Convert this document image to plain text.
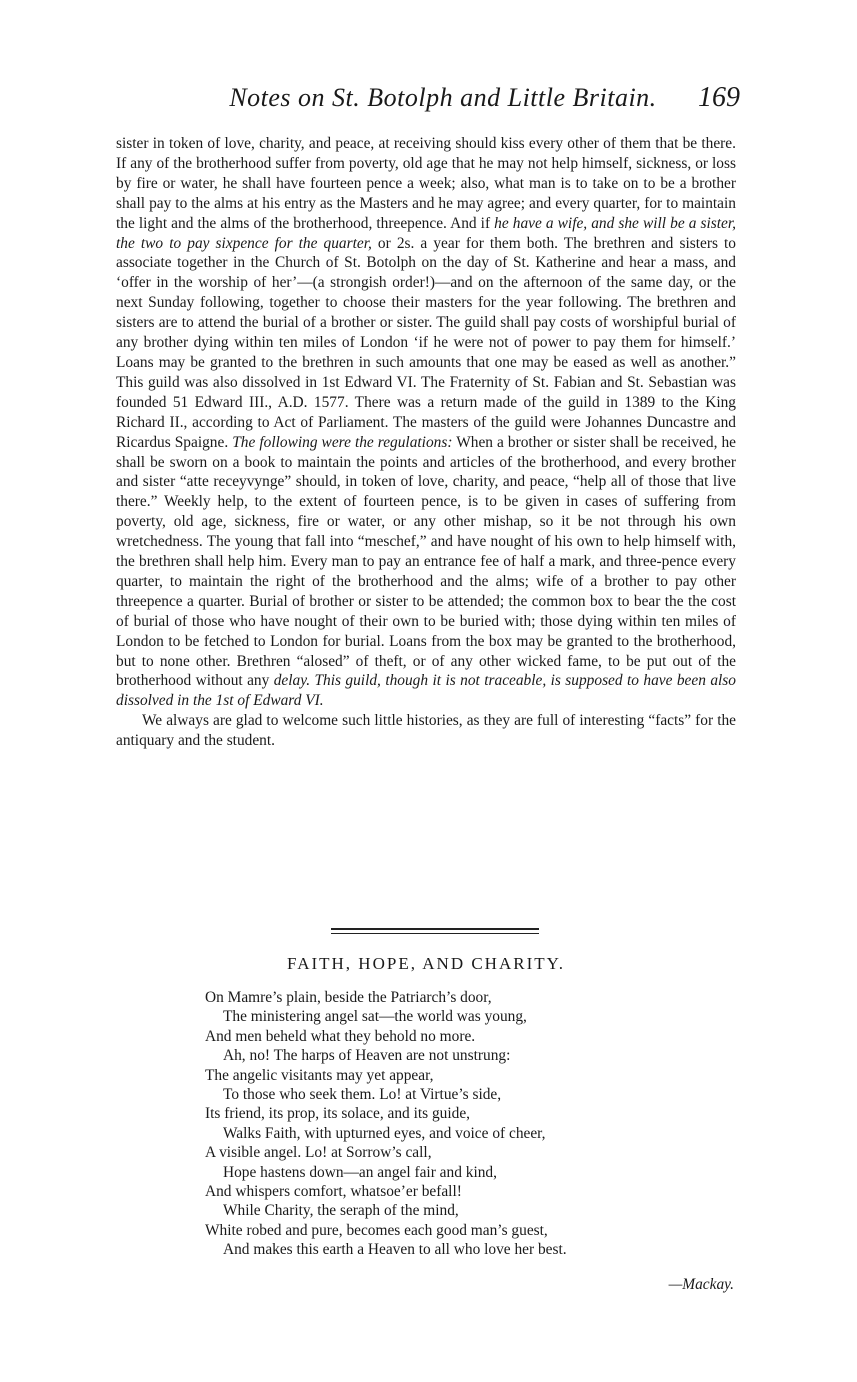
Notes on St. Botolph and Little Britain.	169

sister in token of love, charity, and peace, at receiving should kiss every other of them that be there. If any of the brotherhood suffer from poverty, old age that he may not help himself, sickness, or loss by fire or water, he shall have fourteen pence a week; also, what man is to take on to be a brother shall pay to the alms at his entry as the Masters and he may agree; and every quarter, for to maintain the light and the alms of the brotherhood, threepence. And if he have a wife, and she will be a sister, the two to pay sixpence for the quarter, or 2s. a year for them both. The brethren and sisters to associate together in the Church of St. Botolph on the day of St. Katherine and hear a mass, and ‘offer in the worship of her’—(a strongish order!)—and on the afternoon of the same day, or the next Sunday following, together to choose their masters for the year following. The brethren and sisters are to attend the burial of a brother or sister. The guild shall pay costs of worshipful burial of any brother dying within ten miles of London ‘if he were not of power to pay them for himself.’ Loans may be granted to the brethren in such amounts that one may be eased as well as another.” This guild was also dissolved in 1st Edward VI. The Fraternity of St. Fabian and St. Sebastian was founded 51 Edward III., A.D. 1577. There was a return made of the guild in 1389 to the King Richard II., according to Act of Parliament. The masters of the guild were Johannes Duncastre and Ricardus Spaigne. The following were the regulations: When a brother or sister shall be received, he shall be sworn on a book to maintain the points and articles of the brotherhood, and every brother and sister “atte receyvynge” should, in token of love, charity, and peace, “help all of those that live there.” Weekly help, to the extent of fourteen pence, is to be given in cases of suffering from poverty, old age, sickness, fire or water, or any other mishap, so it be not through his own wretchedness. The young that fall into “meschef,” and have nought of his own to help himself with, the brethren shall help him. Every man to pay an entrance fee of half a mark, and three-pence every quarter, to maintain the right of the brotherhood and the alms; wife of a brother to pay other threepence a quarter. Burial of brother or sister to be attended; the common box to bear the the cost of burial of those who have nought of their own to be buried with; those dying within ten miles of London to be fetched to London for burial. Loans from the box may be granted to the brotherhood, but to none other. Brethren “alosed” of theft, or of any other wicked fame, to be put out of the brotherhood without any delay. This guild, though it is not traceable, is supposed to have been also dissolved in the 1st of Edward VI.

We always are glad to welcome such little histories, as they are full of interesting “facts” for the antiquary and the student.

FAITH, HOPE, AND CHARITY.
On Mamre’s plain, beside the Patriarch’s door,
The ministering angel sat—the world was young,
And men beheld what they behold no more.
Ah, no! The harps of Heaven are not unstrung:
The angelic visitants may yet appear,
To those who seek them. Lo! at Virtue’s side,
Its friend, its prop, its solace, and its guide,
Walks Faith, with upturned eyes, and voice of cheer,
A visible angel. Lo! at Sorrow’s call,
Hope hastens down—an angel fair and kind,
And whispers comfort, whatsoe’er befall!
While Charity, the seraph of the mind,
White robed and pure, becomes each good man’s guest,
And makes this earth a Heaven to all who love her best.
—Mackay.
